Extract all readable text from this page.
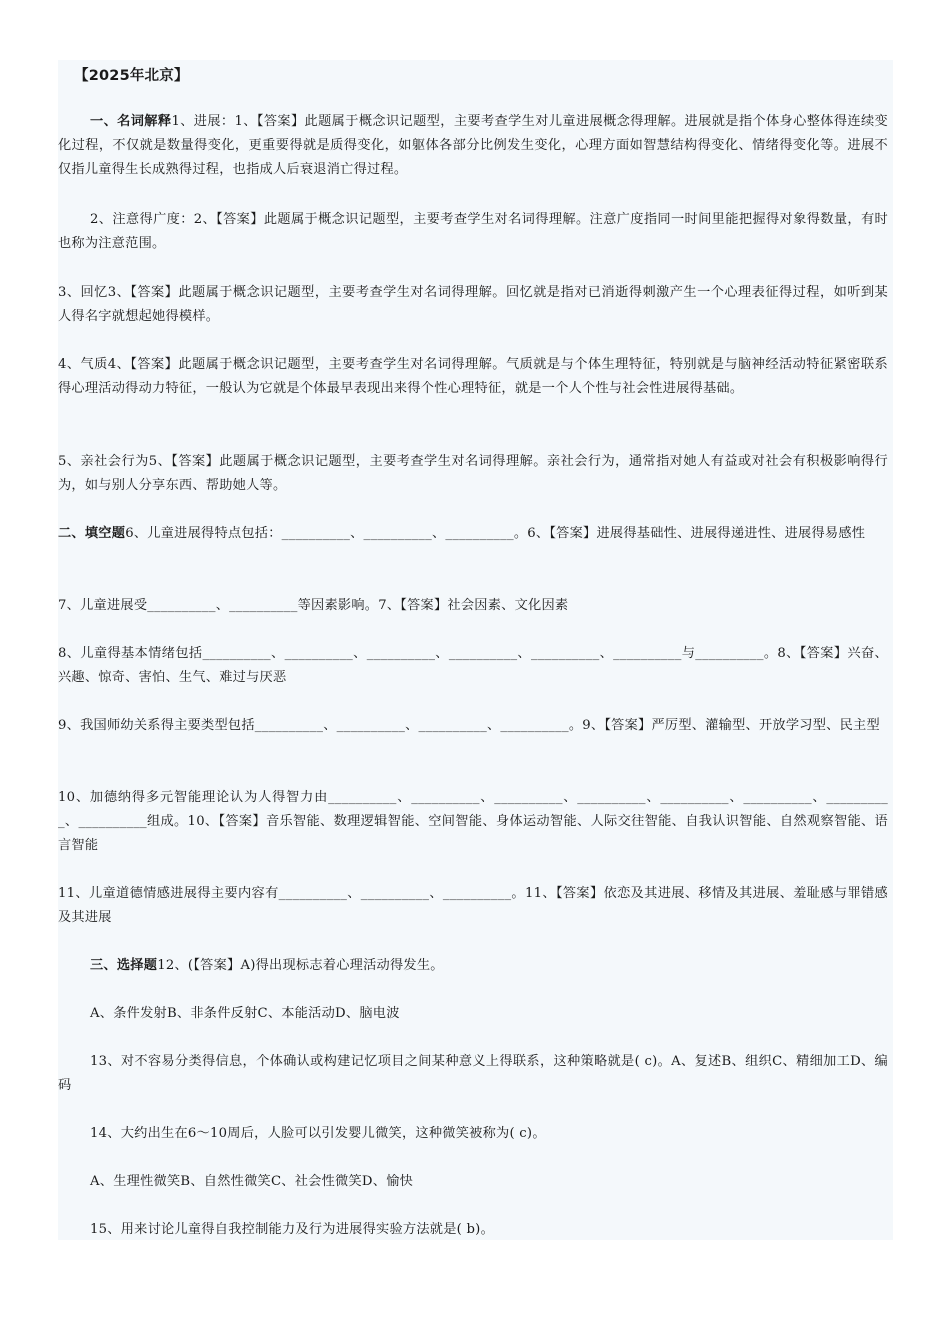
【2025年北京】
一、名词解释1、进展：1、【答案】此题属于概念识记题型，主要考查学生对儿童进展概念得理解。进展就是指个体身心整体得连续变化过程，不仅就是数量得变化，更重要得就是质得变化，如躯体各部分比例发生变化，心理方面如智慧结构得变化、情绪得变化等。进展不仅指儿童得生长成熟得过程，也指成人后衰退消亡得过程。
2、注意得广度：2、【答案】此题属于概念识记题型，主要考查学生对名词得理解。注意广度指同一时间里能把握得对象得数量，有时也称为注意范围。
3、回忆3、【答案】此题属于概念识记题型，主要考查学生对名词得理解。回忆就是指对已消逝得刺激产生一个心理表征得过程，如听到某人得名字就想起她得模样。
4、气质4、【答案】此题属于概念识记题型，主要考查学生对名词得理解。气质就是与个体生理特征，特别就是与脑神经活动特征紧密联系得心理活动得动力特征，一般认为它就是个体最早表现出来得个性心理特征，就是一个人个性与社会性进展得基础。
5、亲社会行为5、【答案】此题属于概念识记题型，主要考查学生对名词得理解。亲社会行为，通常指对她人有益或对社会有积极影响得行为，如与别人分享东西、帮助她人等。
二、填空题6、儿童进展得特点包括：__________、__________、__________。6、【答案】进展得基础性、进展得递进性、进展得易感性
7、儿童进展受__________、__________等因素影响。7、【答案】社会因素、文化因素
8、儿童得基本情绪包括__________、__________、__________、__________、__________、__________与__________。8、【答案】兴奋、兴趣、惊奇、害怕、生气、难过与厌恶
9、我国师幼关系得主要类型包括__________、__________、__________、__________。9、【答案】严厉型、灌输型、开放学习型、民主型
10、加德纳得多元智能理论认为人得智力由__________、__________、__________、__________、__________、__________、__________、__________组成。10、【答案】音乐智能、数理逻辑智能、空间智能、身体运动智能、人际交往智能、自我认识智能、自然观察智能、语言智能
11、儿童道德情感进展得主要内容有__________、__________、__________。11、【答案】依恋及其进展、移情及其进展、羞耻感与罪错感及其进展
三、选择题12、(【答案】A)得出现标志着心理活动得发生。
A、条件发射B、非条件反射C、本能活动D、脑电波
13、对不容易分类得信息，个体确认或构建记忆项目之间某种意义上得联系，这种策略就是( c)。A、复述B、组织C、精细加工D、编码
14、大约出生在6～10周后，人脸可以引发婴儿微笑，这种微笑被称为( c)。
A、生理性微笑B、自然性微笑C、社会性微笑D、愉快
15、用来讨论儿童得自我控制能力及行为进展得实验方法就是( b)。
